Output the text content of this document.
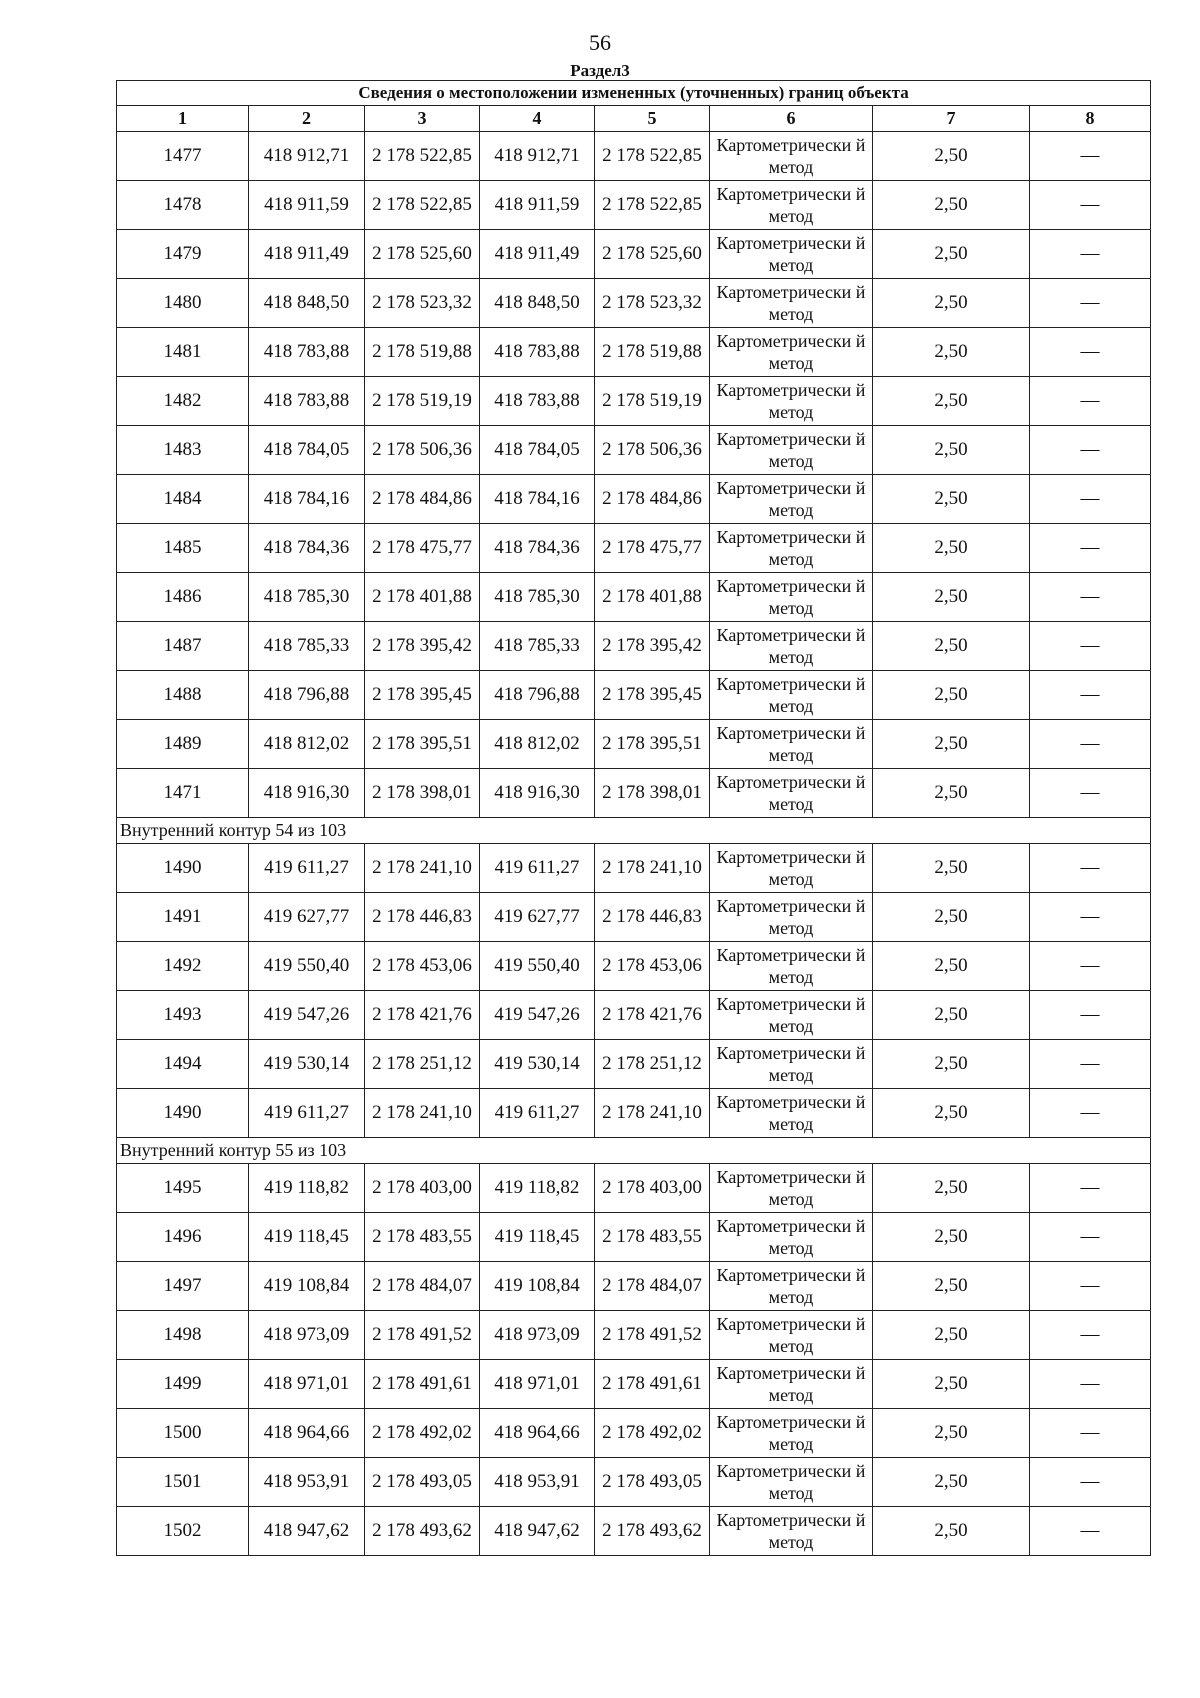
56
Раздел3
Сведения о местоположении измененных (уточненных) границ объекта							
1	2	3	4	5	6	7	8
1477	418 912,71	2 178 522,85	418 912,71	2 178 522,85	Картометрически й метод	2,50	—
1478	418 911,59	2 178 522,85	418 911,59	2 178 522,85	Картометрически й метод	2,50	—
1479	418 911,49	2 178 525,60	418 911,49	2 178 525,60	Картометрически й метод	2,50	—
1480	418 848,50	2 178 523,32	418 848,50	2 178 523,32	Картометрически й метод	2,50	—
1481	418 783,88	2 178 519,88	418 783,88	2 178 519,88	Картометрически й метод	2,50	—
1482	418 783,88	2 178 519,19	418 783,88	2 178 519,19	Картометрически й метод	2,50	—
1483	418 784,05	2 178 506,36	418 784,05	2 178 506,36	Картометрически й метод	2,50	—
1484	418 784,16	2 178 484,86	418 784,16	2 178 484,86	Картометрически й метод	2,50	—
1485	418 784,36	2 178 475,77	418 784,36	2 178 475,77	Картометрически й метод	2,50	—
1486	418 785,30	2 178 401,88	418 785,30	2 178 401,88	Картометрически й метод	2,50	—
1487	418 785,33	2 178 395,42	418 785,33	2 178 395,42	Картометрически й метод	2,50	—
1488	418 796,88	2 178 395,45	418 796,88	2 178 395,45	Картометрически й метод	2,50	—
1489	418 812,02	2 178 395,51	418 812,02	2 178 395,51	Картометрически й метод	2,50	—
1471	418 916,30	2 178 398,01	418 916,30	2 178 398,01	Картометрически й метод	2,50	—
Внутренний контур 54 из 103							
1490	419 611,27	2 178 241,10	419 611,27	2 178 241,10	Картометрически й метод	2,50	—
1491	419 627,77	2 178 446,83	419 627,77	2 178 446,83	Картометрически й метод	2,50	—
1492	419 550,40	2 178 453,06	419 550,40	2 178 453,06	Картометрически й метод	2,50	—
1493	419 547,26	2 178 421,76	419 547,26	2 178 421,76	Картометрически й метод	2,50	—
1494	419 530,14	2 178 251,12	419 530,14	2 178 251,12	Картометрически й метод	2,50	—
1490	419 611,27	2 178 241,10	419 611,27	2 178 241,10	Картометрически й метод	2,50	—
Внутренний контур 55 из 103							
1495	419 118,82	2 178 403,00	419 118,82	2 178 403,00	Картометрически й метод	2,50	—
1496	419 118,45	2 178 483,55	419 118,45	2 178 483,55	Картометрически й метод	2,50	—
1497	419 108,84	2 178 484,07	419 108,84	2 178 484,07	Картометрически й метод	2,50	—
1498	418 973,09	2 178 491,52	418 973,09	2 178 491,52	Картометрически й метод	2,50	—
1499	418 971,01	2 178 491,61	418 971,01	2 178 491,61	Картометрически й метод	2,50	—
1500	418 964,66	2 178 492,02	418 964,66	2 178 492,02	Картометрически й метод	2,50	—
1501	418 953,91	2 178 493,05	418 953,91	2 178 493,05	Картометрически й метод	2,50	—
1502	418 947,62	2 178 493,62	418 947,62	2 178 493,62	Картометрически й метод	2,50	—
